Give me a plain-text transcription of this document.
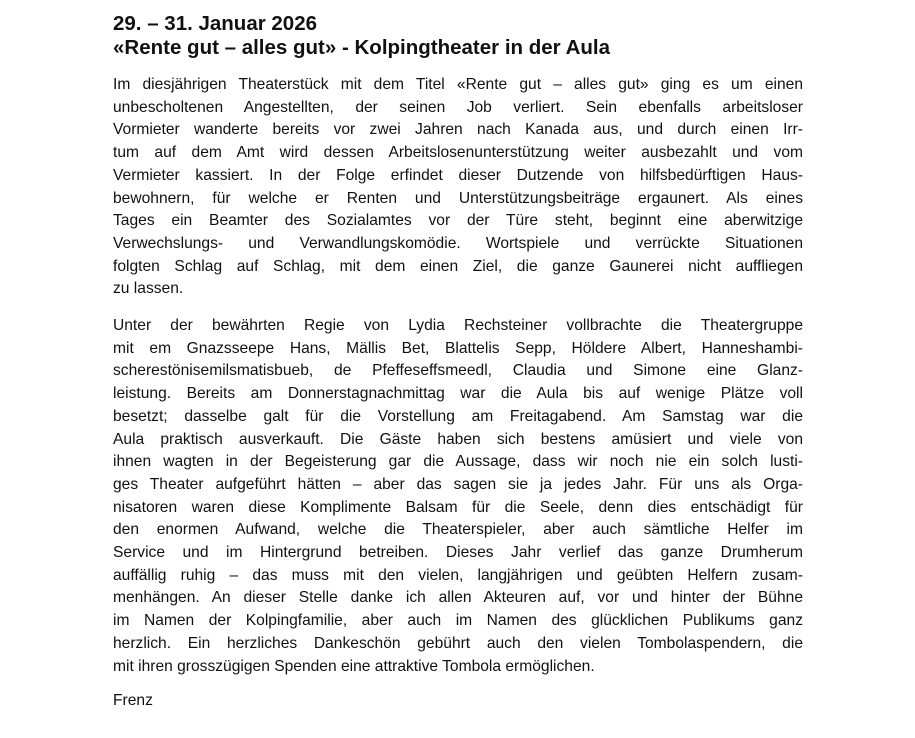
29. – 31. Januar 2026
«Rente gut – alles gut» - Kolpingtheater in der Aula

Im diesjährigen Theaterstück mit dem Titel «Rente gut – alles gut» ging es um einen
unbescholtenen Angestellten, der seinen Job verliert. Sein ebenfalls arbeitsloser
Vormieter wanderte bereits vor zwei Jahren nach Kanada aus, und durch einen Irr-
tum auf dem Amt wird dessen Arbeitslosenunterstützung weiter ausbezahlt und vom
Vermieter kassiert. In der Folge erfindet dieser Dutzende von hilfsbedürftigen Haus-
bewohnern, für welche er Renten und Unterstützungsbeiträge ergaunert. Als eines
Tages ein Beamter des Sozialamtes vor der Türe steht, beginnt eine aberwitzige
Verwechslungs- und Verwandlungskomödie. Wortspiele und verrückte Situationen
folgten Schlag auf Schlag, mit dem einen Ziel, die ganze Gaunerei nicht auffliegen
zu lassen.

Unter der bewährten Regie von Lydia Rechsteiner vollbrachte die Theatergruppe
mit em Gnazsseepe Hans, Mällis Bet, Blattelis Sepp, Höldere Albert, Hanneshambi-
scherestönisemilsmatisbueb, de Pfeffeseffsmeedl, Claudia und Simone eine Glanz-
leistung. Bereits am Donnerstagnachmittag war die Aula bis auf wenige Plätze voll
besetzt; dasselbe galt für die Vorstellung am Freitagabend. Am Samstag war die
Aula praktisch ausverkauft. Die Gäste haben sich bestens amüsiert und viele von
ihnen wagten in der Begeisterung gar die Aussage, dass wir noch nie ein solch lusti-
ges Theater aufgeführt hätten – aber das sagen sie ja jedes Jahr. Für uns als Orga-
nisatoren waren diese Komplimente Balsam für die Seele, denn dies entschädigt für
den enormen Aufwand, welche die Theaterspieler, aber auch sämtliche Helfer im
Service und im Hintergrund betreiben. Dieses Jahr verlief das ganze Drumherum
auffällig ruhig – das muss mit den vielen, langjährigen und geübten Helfern zusam-
menhängen. An dieser Stelle danke ich allen Akteuren auf, vor und hinter der Bühne
im Namen der Kolpingfamilie, aber auch im Namen des glücklichen Publikums ganz
herzlich. Ein herzliches Dankeschön gebührt auch den vielen Tombolaspendern, die
mit ihren grosszügigen Spenden eine attraktive Tombola ermöglichen.

Frenz
